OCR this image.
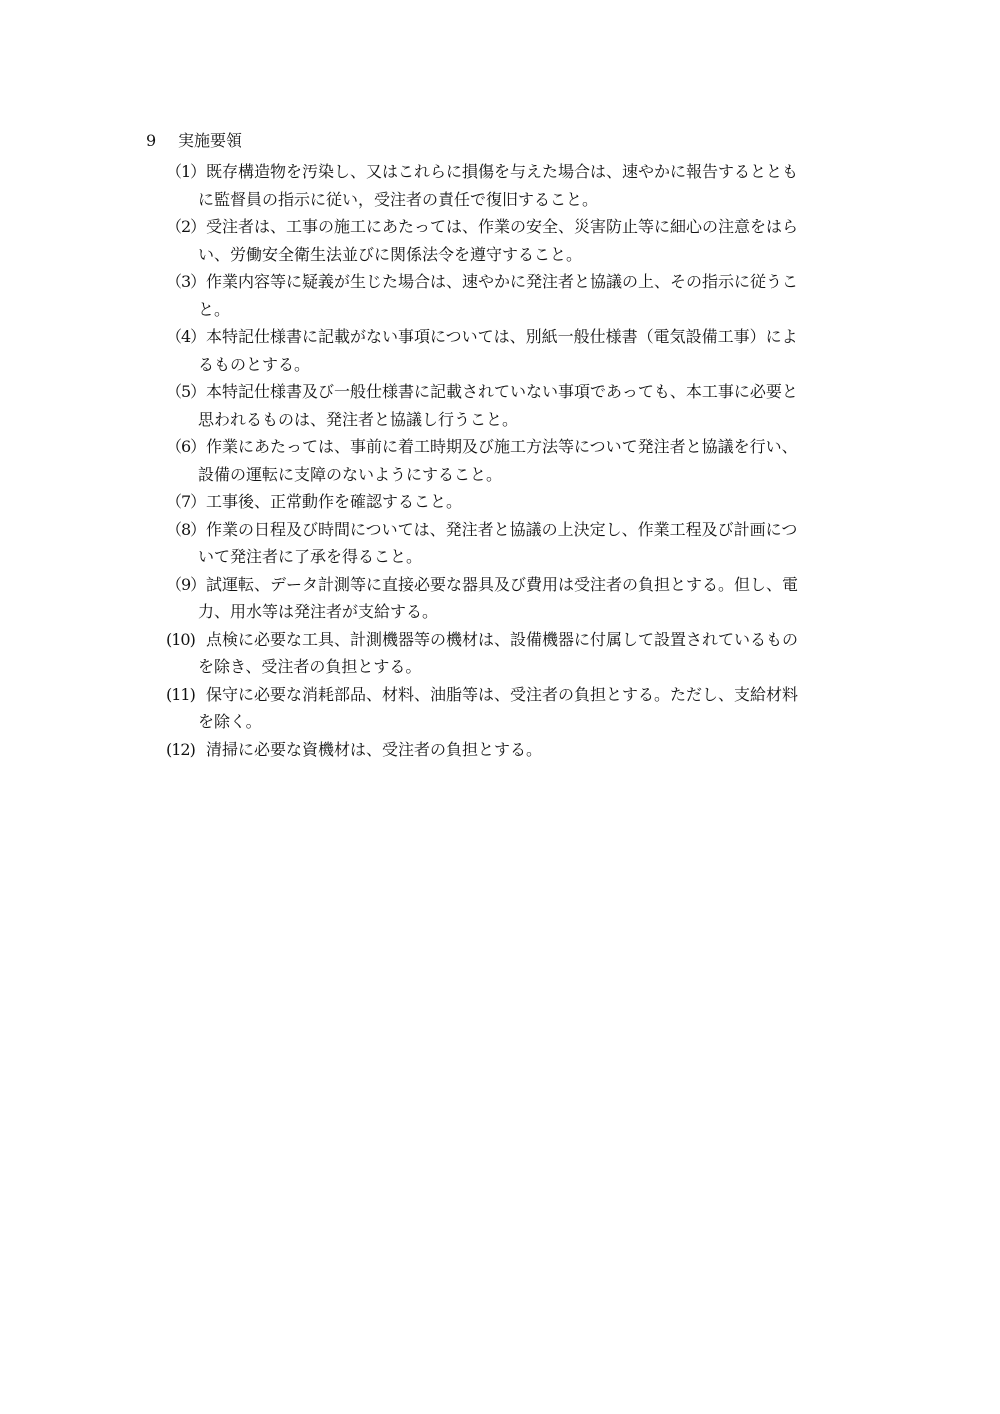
9 実施要領
（1） 既存構造物を汚染し、又はこれらに損傷を与えた場合は、速やかに報告するととも
に監督員の指示に従い，受注者の責任で復旧すること。
（2） 受注者は、工事の施工にあたっては、作業の安全、災害防止等に細心の注意をはら
い、労働安全衛生法並びに関係法令を遵守すること。
（3） 作業内容等に疑義が生じた場合は、速やかに発注者と協議の上、その指示に従うこ
と。
（4） 本特記仕様書に記載がない事項については、別紙一般仕様書（電気設備工事）によ
るものとする。
（5） 本特記仕様書及び一般仕様書に記載されていない事項であっても、本工事に必要と
思われるものは、発注者と協議し行うこと。
（6） 作業にあたっては、事前に着工時期及び施工方法等について発注者と協議を行い、
設備の運転に支障のないようにすること。
（7） 工事後、正常動作を確認すること。
（8） 作業の日程及び時間については、発注者と協議の上決定し、作業工程及び計画につ
いて発注者に了承を得ること。
（9） 試運転、データ計測等に直接必要な器具及び費用は受注者の負担とする。但し、電
力、用水等は発注者が支給する。
(10) 点検に必要な工具、計測機器等の機材は、設備機器に付属して設置されているもの
を除き、受注者の負担とする。
(11) 保守に必要な消耗部品、材料、油脂等は、受注者の負担とする。ただし、支給材料
を除く。
(12) 清掃に必要な資機材は、受注者の負担とする。
